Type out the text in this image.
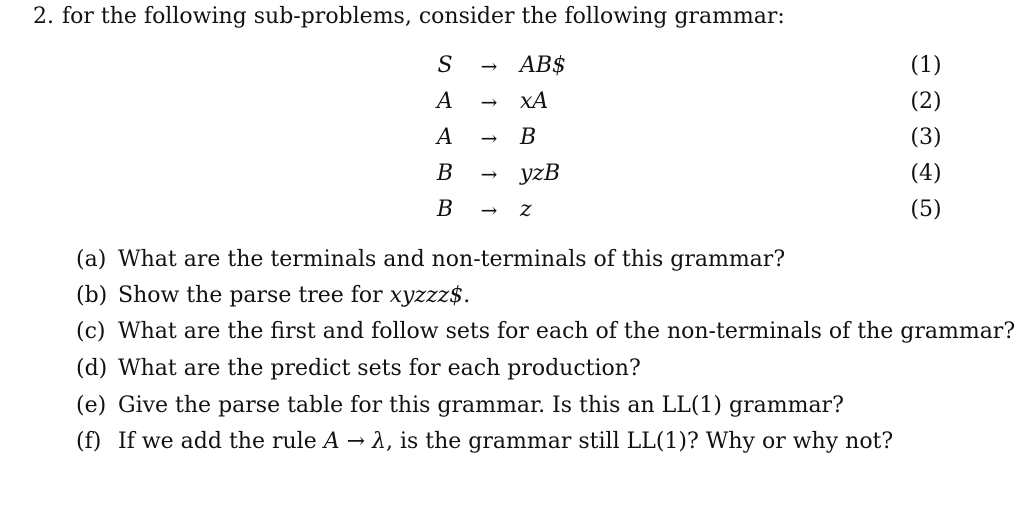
2. for the following sub-problems, consider the following grammar:
S → AB$	(1)
A → xA	(2)
A → B	(3)
B → yzB	(4)
B → z	(5)
(a) What are the terminals and non-terminals of this grammar?
(b) Show the parse tree for xyzzz$.
(c) What are the first and follow sets for each of the non-terminals of the grammar?
(d) What are the predict sets for each production?
(e) Give the parse table for this grammar. Is this an LL(1) grammar?
(f) If we add the rule A → λ, is the grammar still LL(1)? Why or why not?
